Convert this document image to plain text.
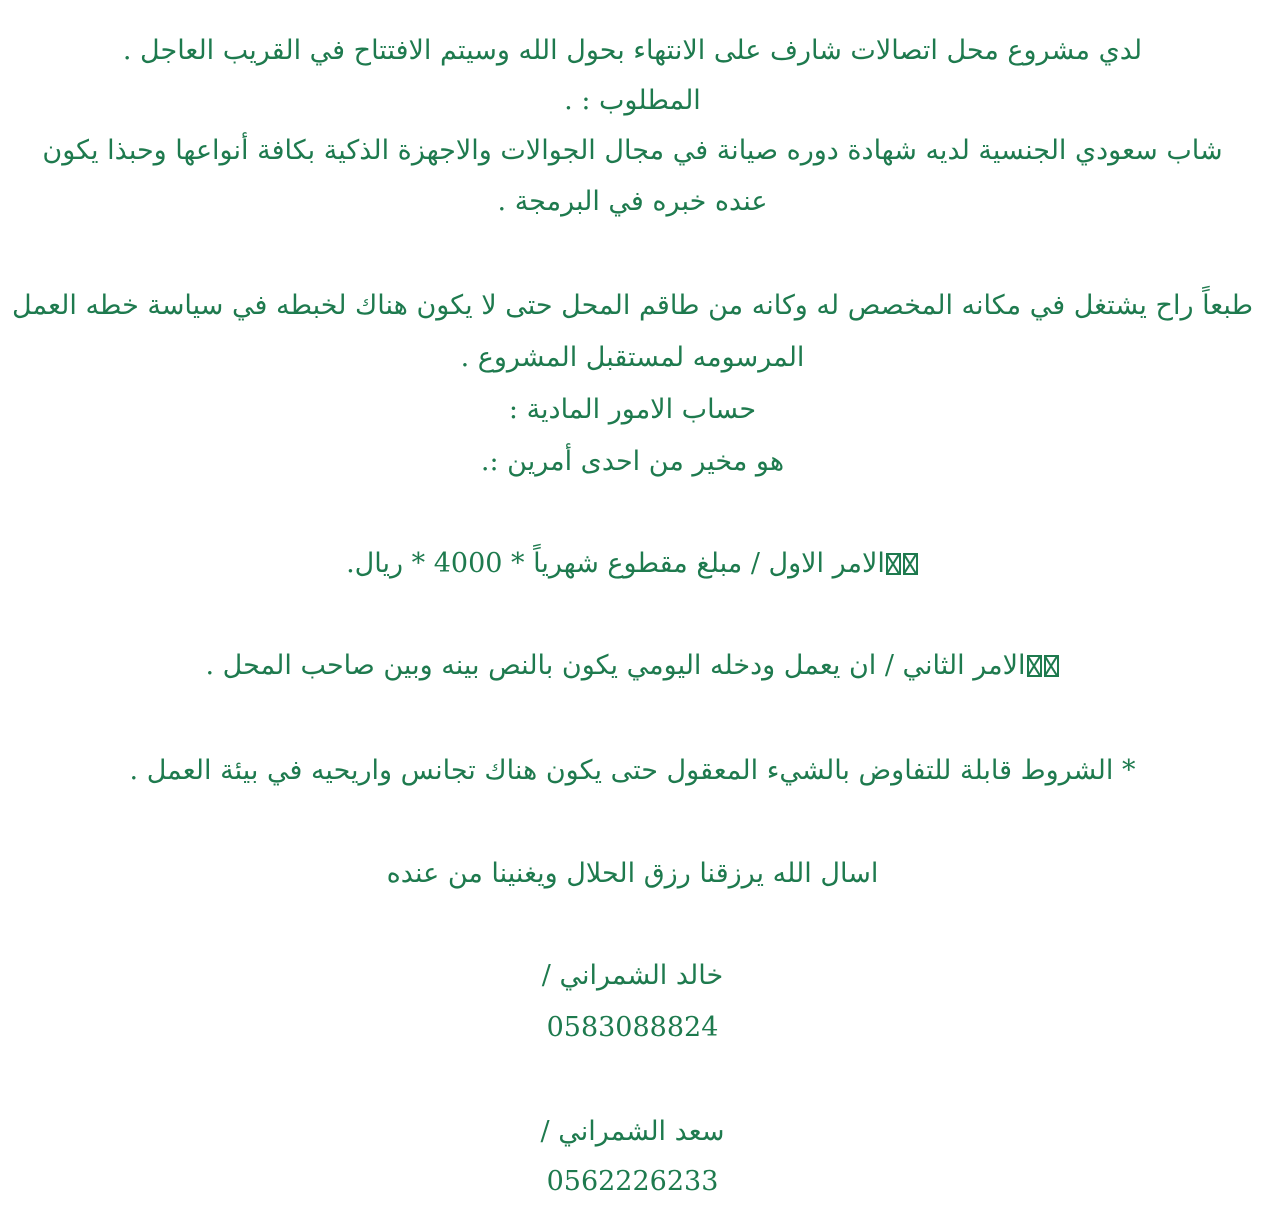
لدي مشروع محل اتصالات شارف على الانتهاء بحول الله وسيتم الافتتاح في القريب العاجل .
المطلوب : .
شاب سعودي الجنسية لديه شهادة دوره صيانة في مجال الجوالات والاجهزة الذكية بكافة أنواعها وحبذا يكون
عنده خبره في البرمجة .
طبعاً راح يشتغل في مكانه المخصص له وكانه من طاقم المحل حتى لا يكون هناك لخبطه في سياسة خطه العمل
المرسومه لمستقبل المشروع .
حساب الامور المادية :
هو مخير من احدى أمرين :.
الامر الاول / مبلغ مقطوع شهرياً * 4000 * ريال.
الامر الثاني / ان يعمل ودخله اليومي يكون بالنص بينه وبين صاحب المحل .
* الشروط قابلة للتفاوض بالشيء المعقول حتى يكون هناك تجانس واريحيه في بيئة العمل .
اسال الله يرزقنا رزق الحلال ويغنينا من عنده
خالد الشمراني /
0583088824
سعد الشمراني /
0562226233
